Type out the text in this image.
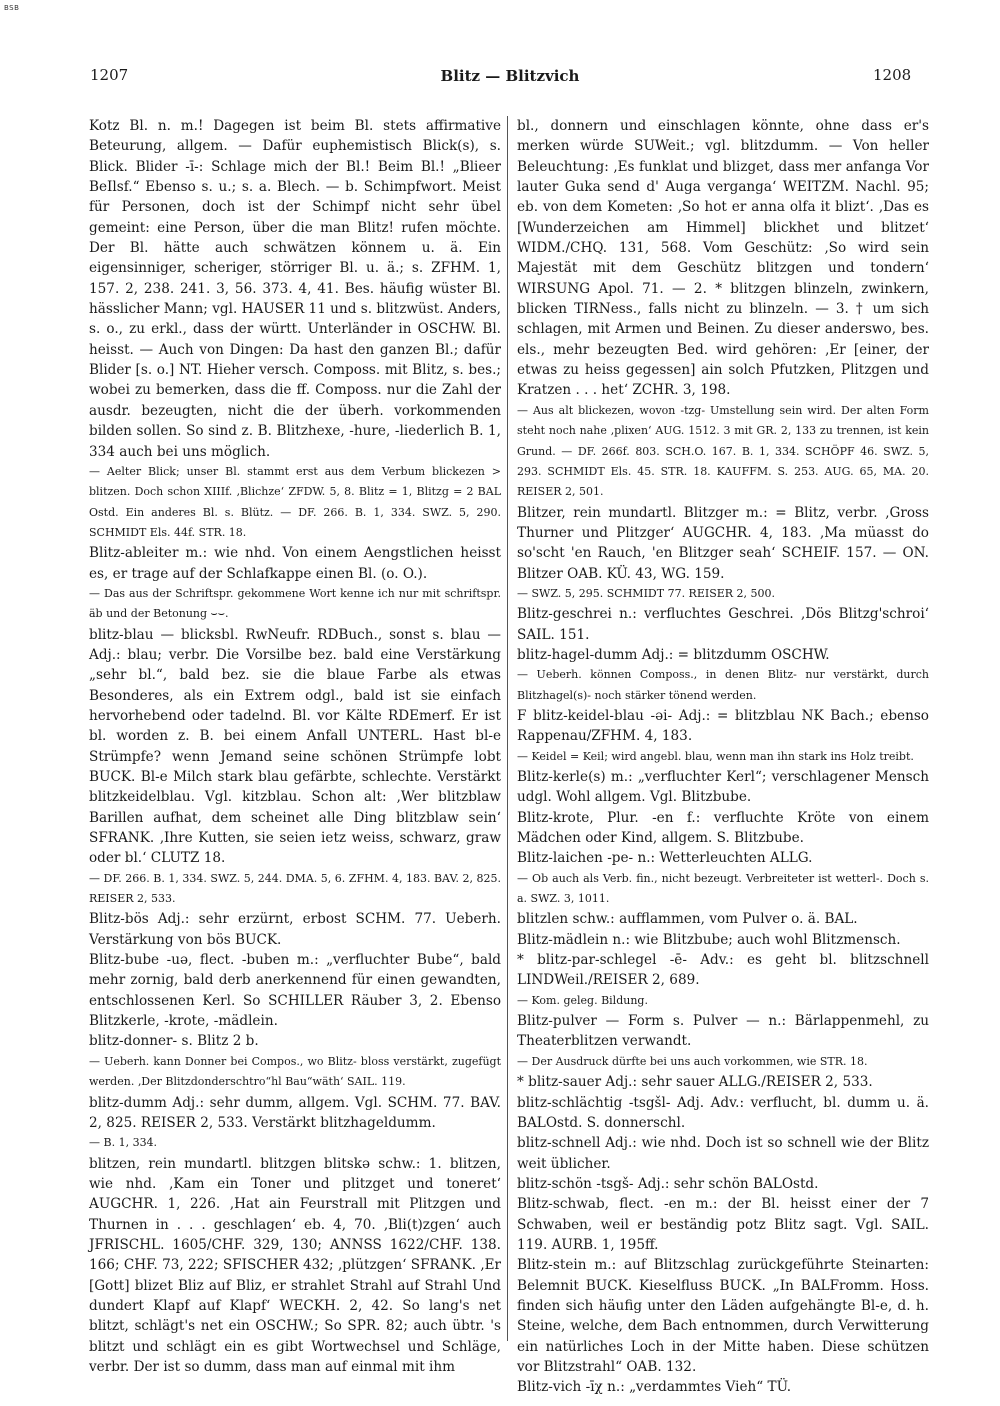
BSB
1207	Blitz — Blitzvich	1208

Kotz Bl. n. m.! Dagegen ist beim Bl. stets affirmative Beteurung, allgem. — Dafür euphemistisch Blick(s), s. Blick. Blider -ī-: Schlage mich der Bl.! Beim Bl.! „Blieer BeIlsf.“ Ebenso s. u.; s. a. Blech. — b. Schimpfwort. Meist für Personen, doch ist der Schimpf nicht sehr übel gemeint: eine Person, über die man Blitz! rufen möchte. Der Bl. hätte auch schwätzen könnem u. ä. Ein eigensinniger, scheriger, störriger Bl. u. ä.; s. ZFHM. 1, 157. 2, 238. 241. 3, 56. 373. 4, 41. Bes. häufig wüster Bl. hässlicher Mann; vgl. HAUSER 11 und s. blitzwüst. Anders, s. o., zu erkl., dass der württ. Unterländer in OSCHW. Bl. heisst. — Auch von Dingen: Da hast den ganzen Bl.; dafür Blider [s. o.] NT. Hieher versch. Composs. mit Blitz, s. bes.; wobei zu bemerken, dass die ff. Composs. nur die Zahl der ausdr. bezeugten, nicht die der überh. vorkommenden bilden sollen. So sind z. B. Blitzhexe, -hure, -liederlich B. 1, 334 auch bei uns möglich.

— Aelter Blick; unser Bl. stammt erst aus dem Verbum blickezen > blitzen. Doch schon XIIIf. ‚Blichze‘ ZFDW. 5, 8. Blitz = 1, Blitzg = 2 BAL Ostd. Ein anderes Bl. s. Blütz. — DF. 266. B. 1, 334. SWZ. 5, 290. SCHMIDT Els. 44f. STR. 18.

Blitz-ableiter m.: wie nhd. Von einem Aengstlichen heisst es, er trage auf der Schlafkappe einen Bl. (o. O.).

— Das aus der Schriftspr. gekommene Wort kenne ich nur mit schriftspr. äb und der Betonung ⌣⌣.

blitz-blau — blicksbl. RwNeufr. RDBuch., sonst s. blau — Adj.: blau; verbr. Die Vorsilbe bez. bald eine Verstärkung „sehr bl.“, bald bez. sie die blaue Farbe als etwas Besonderes, als ein Extrem odgl., bald ist sie einfach hervorhebend oder tadelnd. Bl. vor Kälte RDEmerf. Er ist bl. worden z. B. bei einem Anfall UNTERL. Hast bl-e Strümpfe? wenn Jemand seine schönen Strümpfe lobt BUCK. Bl-e Milch stark blau gefärbte, schlechte. Verstärkt blitzkeidelblau. Vgl. kitzblau. Schon alt: ‚Wer blitzblaw Barillen aufhat, dem scheinet alle Ding blitzblaw sein‘ SFRANK. ‚Ihre Kutten, sie seien ietz weiss, schwarz, graw oder bl.‘ CLUTZ 18.

— DF. 266. B. 1, 334. SWZ. 5, 244. DMA. 5, 6. ZFHM. 4, 183. BAV. 2, 825. REISER 2, 533.

Blitz-bös Adj.: sehr erzürnt, erbost SCHM. 77. Ueberh. Verstärkung von bös BUCK.

Blitz-bube -uə, flect. -buben m.: „verfluchter Bube“, bald mehr zornig, bald derb anerkennend für einen gewandten, entschlossenen Kerl. So SCHILLER Räuber 3, 2. Ebenso Blitzkerle, -krote, -mädlein.

blitz-donner- s. Blitz 2 b.

— Ueberh. kann Donner bei Compos., wo Blitz- bloss verstärkt, zugefügt werden. ‚Der Blitzdonderschtro“hl Bau“wäth‘ SAIL. 119.

blitz-dumm Adj.: sehr dumm, allgem. Vgl. SCHM. 77. BAV. 2, 825. REISER 2, 533. Verstärkt blitzhageldumm.

— B. 1, 334.

blitzen, rein mundartl. blitzgen blitskə schw.: 1. blitzen, wie nhd. ‚Kam ein Toner und plitzget und toneret‘ AUGCHR. 1, 226. ‚Hat ain Feurstrall mit Plitzgen und Thurnen in . . . geschlagen‘ eb. 4, 70. ‚Bli(t)zgen‘ auch JFRISCHL. 1605/CHF. 329, 130; ANNSS 1622/CHF. 138. 166; CHF. 73, 222; SFISCHER 432; ‚plützgen‘ SFRANK. ‚Er [Gott] blizet Bliz auf Bliz, er strahlet Strahl auf Strahl Und dundert Klapf auf Klapf‘ WECKH. 2, 42. So lang's net blitzt, schlägt's net ein OSCHW.; So SPR. 82; auch übtr. 's blitzt und schlägt ein es gibt Wortwechsel und Schläge, verbr. Der ist so dumm, dass man auf einmal mit ihm

bl., donnern und einschlagen könnte, ohne dass er's merken würde SUWeit.; vgl. blitzdumm. — Von heller Beleuchtung: ‚Es funklat und blizget, dass mer anfanga Vor lauter Guka send d' Auga verganga‘ WEITZM. Nachl. 95; eb. von dem Kometen: ‚So hot er anna olfa it blizt‘. ‚Das es [Wunderzeichen am Himmel] blickhet und blitzet‘ WIDM./CHQ. 131, 568. Vom Geschütz: ‚So wird sein Majestät mit dem Geschütz blitzgen und tondern‘ WIRSUNG Apol. 71. — 2. * blitzgen blinzeln, zwinkern, blicken TIRNess., falls nicht zu blinzeln. — 3. † um sich schlagen, mit Armen und Beinen. Zu dieser anderswo, bes. els., mehr bezeugten Bed. wird gehören: ‚Er [einer, der etwas zu heiss gegessen] ain solch Pfutzken, Plitzgen und Kratzen . . . het‘ ZCHR. 3, 198.

— Aus alt blickezen, wovon -tzg- Umstellung sein wird. Der alten Form steht noch nahe ‚plixen‘ AUG. 1512. 3 mit GR. 2, 133 zu trennen, ist kein Grund. — DF. 266f. 803. SCH.O. 167. B. 1, 334. SCHÖPF 46. SWZ. 5, 293. SCHMIDT Els. 45. STR. 18. KAUFFM. S. 253. AUG. 65, MA. 20. REISER 2, 501.

Blitzer, rein mundartl. Blitzger m.: = Blitz, verbr. ‚Gross Thurner und Plitzger‘ AUGCHR. 4, 183. ‚Ma müasst do so'scht 'en Rauch, 'en Blitzger seah‘ SCHEIF. 157. — ON. Blitzer OAB. KÜ. 43, WG. 159.

— SWZ. 5, 295. SCHMIDT 77. REISER 2, 500.

Blitz-geschrei n.: verfluchtes Geschrei. ‚Dös Blitzg'schroi‘ SAIL. 151.

blitz-hagel-dumm Adj.: = blitzdumm OSCHW.

— Ueberh. können Composs., in denen Blitz- nur verstärkt, durch Blitzhagel(s)- noch stärker tönend werden.

F blitz-keidel-blau -əi- Adj.: = blitzblau NK Bach.; ebenso Rappenau/ZFHM. 4, 183.

— Keidel = Keil; wird angebl. blau, wenn man ihn stark ins Holz treibt.

Blitz-kerle(s) m.: „verfluchter Kerl“; verschlagener Mensch udgl. Wohl allgem. Vgl. Blitzbube.

Blitz-krote, Plur. -en f.: verfluchte Kröte von einem Mädchen oder Kind, allgem. S. Blitzbube.

Blitz-laichen -pe- n.: Wetterleuchten ALLG.

— Ob auch als Verb. fin., nicht bezeugt. Verbreiteter ist wetterl-. Doch s. a. SWZ. 3, 1011.

blitzlen schw.: aufflammen, vom Pulver o. ä. BAL.

Blitz-mädlein n.: wie Blitzbube; auch wohl Blitzmensch.

* blitz-par-schlegel -ē- Adv.: es geht bl. blitzschnell LINDWeil./REISER 2, 689.

— Kom. geleg. Bildung.

Blitz-pulver — Form s. Pulver — n.: Bärlappenmehl, zu Theaterblitzen verwandt.

— Der Ausdruck dürfte bei uns auch vorkommen, wie STR. 18.

* blitz-sauer Adj.: sehr sauer ALLG./REISER 2, 533.

blitz-schlächtig -tsgšl- Adj. Adv.: verflucht, bl. dumm u. ä. BALOstd. S. donnerschl.

blitz-schnell Adj.: wie nhd. Doch ist so schnell wie der Blitz weit üblicher.

blitz-schön -tsgš- Adj.: sehr schön BALOstd.

Blitz-schwab, flect. -en m.: der Bl. heisst einer der 7 Schwaben, weil er beständig potz Blitz sagt. Vgl. SAIL. 119. AURB. 1, 195ff.

Blitz-stein m.: auf Blitzschlag zurückgeführte Steinarten: Belemnit BUCK. Kieselfluss BUCK. „In BALFromm. Hoss. finden sich häufig unter den Läden aufgehängte Bl-e, d. h. Steine, welche, dem Bach entnommen, durch Verwitterung ein natürliches Loch in der Mitte haben. Diese schützen vor Blitzstrahl“ OAB. 132.

Blitz-vich -īχ n.: „verdammtes Vieh“ TÜ.
